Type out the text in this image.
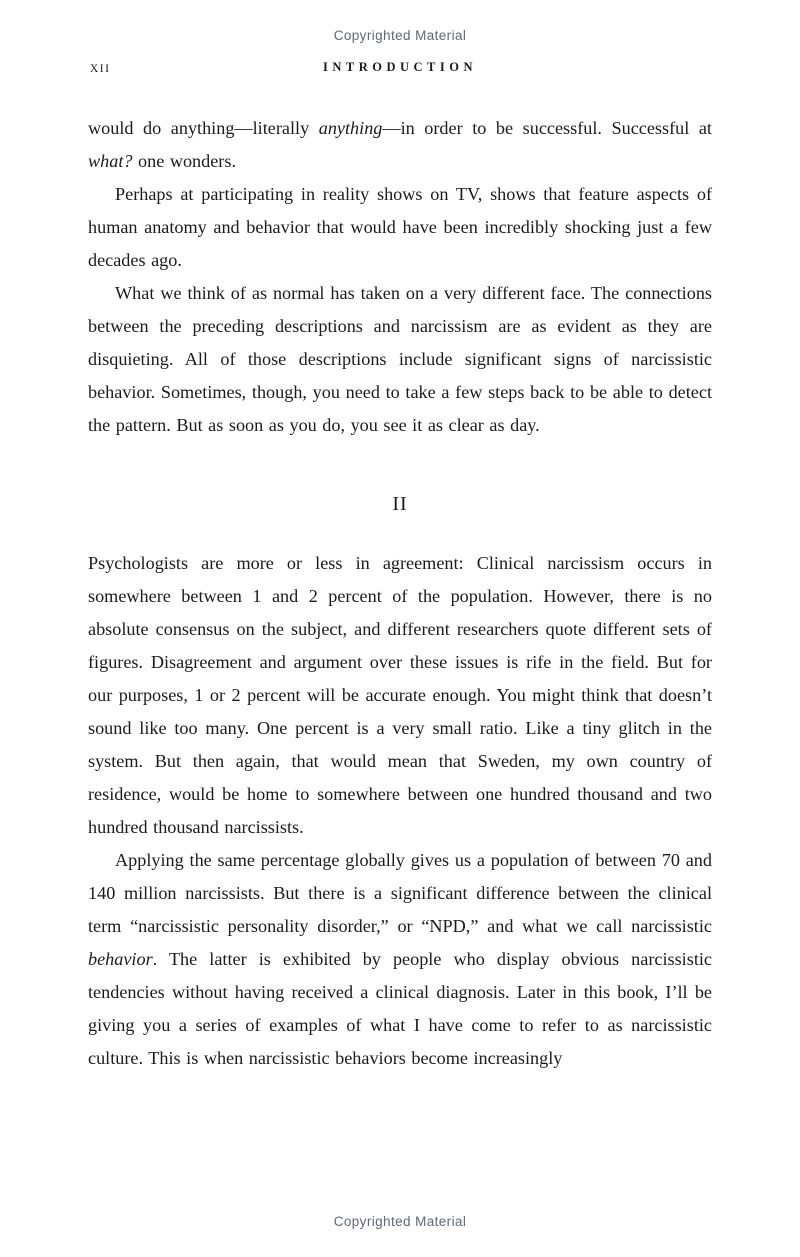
Copyrighted Material
XII	INTRODUCTION

would do anything—literally anything—in order to be successful. Successful at what? one wonders.

Perhaps at participating in reality shows on TV, shows that feature aspects of human anatomy and behavior that would have been incredibly shocking just a few decades ago.

What we think of as normal has taken on a very different face. The connections between the preceding descriptions and narcissism are as evident as they are disquieting. All of those descriptions include significant signs of narcissistic behavior. Sometimes, though, you need to take a few steps back to be able to detect the pattern. But as soon as you do, you see it as clear as day.

II

Psychologists are more or less in agreement: Clinical narcissism occurs in somewhere between 1 and 2 percent of the population. However, there is no absolute consensus on the subject, and different researchers quote different sets of figures. Disagreement and argument over these issues is rife in the field. But for our purposes, 1 or 2 percent will be accurate enough. You might think that doesn’t sound like too many. One percent is a very small ratio. Like a tiny glitch in the system. But then again, that would mean that Sweden, my own country of residence, would be home to somewhere between one hundred thousand and two hundred thousand narcissists.

Applying the same percentage globally gives us a population of between 70 and 140 million narcissists. But there is a significant difference between the clinical term “narcissistic personality disorder,” or “NPD,” and what we call narcissistic behavior. The latter is exhibited by people who display obvious narcissistic tendencies without having received a clinical diagnosis. Later in this book, I’ll be giving you a series of examples of what I have come to refer to as narcissistic culture. This is when narcissistic behaviors become increasingly

Copyrighted Material
